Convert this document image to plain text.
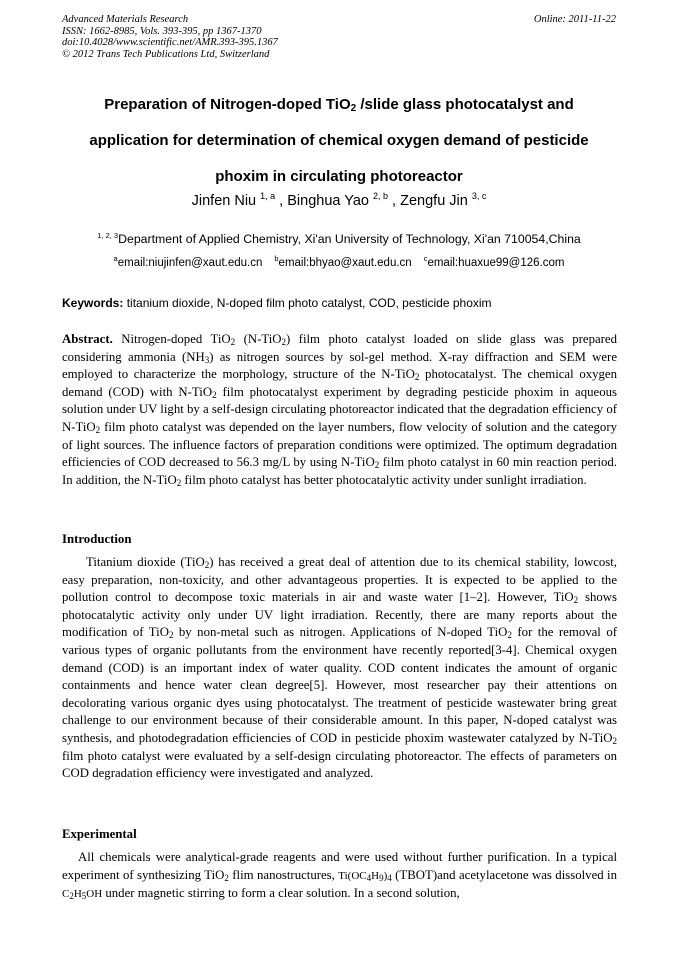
Advanced Materials Research
ISSN: 1662-8985, Vols. 393-395, pp 1367-1370
doi:10.4028/www.scientific.net/AMR.393-395.1367
© 2012 Trans Tech Publications Ltd, Switzerland
Online: 2011-11-22
Preparation of Nitrogen-doped TiO$_2$ /slide glass photocatalyst and
application for determination of chemical oxygen demand of pesticide
phoxim in circulating photoreactor
Jinfen Niu $^{1, a}$ , Binghua Yao $^{2, b}$ , Zengfu Jin $^{3, c}$
$^{1, 2, 3}$Department of Applied Chemistry, Xi'an University of Technology, Xi'an 710054,China
$^a$email:niujinfen@xaut.edu.cn $^b$email:bhyao@xaut.edu.cn $^c$email:huaxue99@126.com
Keywords: titanium dioxide, N-doped film photo catalyst, COD, pesticide phoxim
Abstract. Nitrogen-doped TiO$_2$ (N-TiO$_2$) film photo catalyst loaded on slide glass was prepared considering ammonia $(NH_3)$ as nitrogen sources by sol-gel method. X-ray diffraction and SEM were employed to characterize the morphology, structure of the N-TiO$_2$ photocatalyst. The chemical oxygen demand (COD) with N-TiO$_2$ film photocatalyst experiment by degrading pesticide phoxim in aqueous solution under UV light by a self-design circulating photoreactor indicated that the degradation efficiency of N-TiO$_2$ film photo catalyst was depended on the layer numbers, flow velocity of solution and the category of light sources. The influence factors of preparation conditions were optimized. The optimum degradation efficiencies of COD decreased to 56.3 mg/L by using N-TiO$_2$ film photo catalyst in 60 min reaction period. In addition, the N-TiO$_2$ film photo catalyst has better photocatalytic activity under sunlight irradiation.
Introduction
Titanium dioxide (TiO$_2$) has received a great deal of attention due to its chemical stability, lowcost, easy preparation, non-toxicity, and other advantageous properties. It is expected to be applied to the pollution control to decompose toxic materials in air and waste water [1–2]. However, TiO$_2$ shows photocatalytic activity only under UV light irradiation. Recently, there are many reports about the modification of TiO$_2$ by non-metal such as nitrogen. Applications of N-doped TiO$_2$ for the removal of various types of organic pollutants from the environment have recently reported[3-4]. Chemical oxygen demand (COD) is an important index of water quality. COD content indicates the amount of organic containments and hence water clean degree[5]. However, most researcher pay their attentions on decolorating various organic dyes using photocatalyst. The treatment of pesticide wastewater bring great challenge to our environment because of their considerable amount. In this paper, N-doped catalyst was synthesis, and photodegradation efficiencies of COD in pesticide phoxim wastewater catalyzed by N-TiO$_2$ film photo catalyst were evaluated by a self-design circulating photoreactor. The effects of parameters on COD degradation efficiency were investigated and analyzed.
Experimental
All chemicals were analytical-grade reagents and were used without further purification. In a typical experiment of synthesizing TiO$_2$ flim nanostructures, $Ti(OC_4H_9)_4$ (TBOT)and acetylacetone was dissolved in $C_2H_5OH$ under magnetic stirring to form a clear solution. In a second solution,
